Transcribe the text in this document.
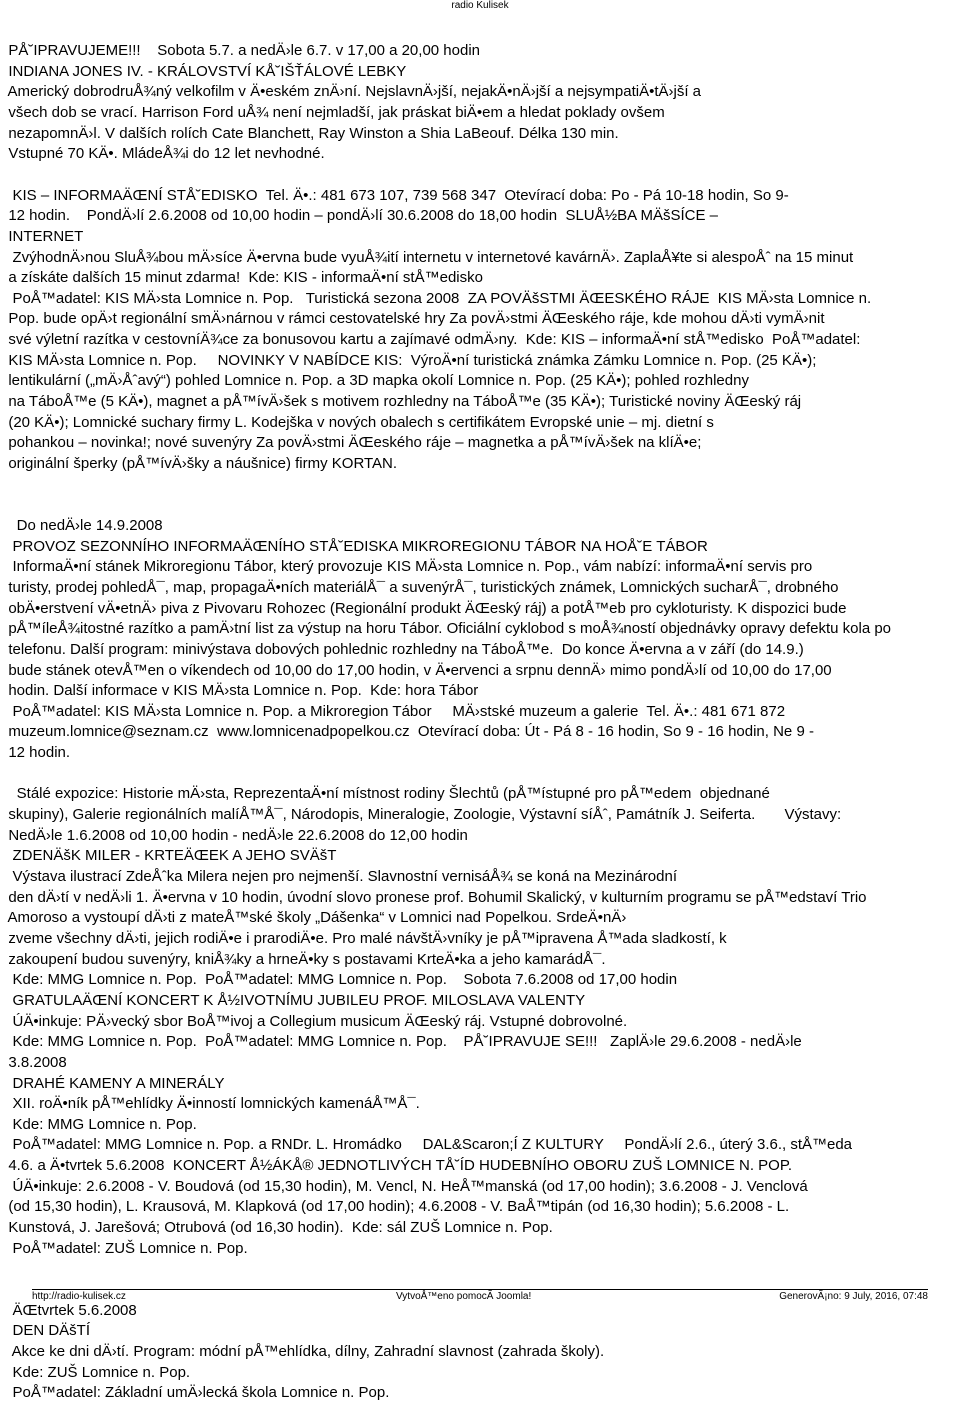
radio Kulisek
PÅ˘IPRAVUJEME!!!    Sobota 5.7. a nedÄ›le 6.7. v 17,00 a 20,00 hodin
INDIANA JONES IV. - KRÁLOVSTVÍ KÅ˘IŠŤÁLOVÉ LEBKY
Americký dobrodruÅ¾ný velkofilm v Ä•eském znÄ›ní. NejslavnÄ›jší, nejakÄ•nÄ›jší a nejsympatiÄ•tÄ›jší a
všech dob se vrací. Harrison Ford uÅ¾ není nejmladší, jak práskat biÄ•em a hledat poklady ovšem
nezapomnÄ›l. V dalších rolích Cate Blanchett, Ray Winston a Shia LaBeouf. Délka 130 min.
Vstupné 70 KÄ•. MládeÅ¾i do 12 let nevhodné.
KIS – INFORMAÄŒNÍ STÅ˘EDISKO  Tel. Ä•.: 481 673 107, 739 568 347  Otevírací doba: Po - Pá 10-18 hodin, So 9-
12 hodin.    PondÄ›lí 2.6.2008 od 10,00 hodin – pondÄ›lí 30.6.2008 do 18,00 hodin  SLUÅ½BA MÄšSÍCE –
INTERNET
ZvýhodnÄ›nou SluÅ¾bou mÄ›síce Ä•ervna bude vyuÅ¾ití internetu v internetové kavárnÄ›. ZaplaÅ¥te si alespoÅˆ na 15 minut
a získáte dalších 15 minut zdarma!  Kde: KIS - informaÄ•ní stÅ™edisko
PoÅ™adatel: KIS MÄ›sta Lomnice n. Pop.   Turistická sezona 2008  ZA POVÄšSTMI ÄŒESKÉHO RÁJE  KIS MÄ›sta Lomnice n.
Pop. bude opÄ›t regionální smÄ›nárnou v rámci cestovatelské hry Za povÄ›stmi ÄŒeského ráje, kde mohou dÄ›ti vymÄ›nit
své výletní razítka v cestovníÄ¾ce za bonusovou kartu a zajímavé odmÄ›ny.  Kde: KIS – informaÄ•ní stÅ™edisko  PoÅ™adatel:
KIS MÄ›sta Lomnice n. Pop.     NOVINKY V NABÍDCE KIS:  VýroÄ•ní turistická známka Zámku Lomnice n. Pop. (25 KÄ•);
lentikulární („mÄ›Åˆavý“) pohled Lomnice n. Pop. a 3D mapka okolí Lomnice n. Pop. (25 KÄ•); pohled rozhledny
na TáboÅ™e (5 KÄ•), magnet a pÅ™ívÄ›šek s motivem rozhledny na TáboÅ™e (35 KÄ•); Turistické noviny ÄŒeský ráj
(20 KÄ•); Lomnické suchary firmy L. Kodejška v nových obalech s certifikátem Evropské unie – mj. dietní s
pohankou – novinka!; nové suvenýry Za povÄ›stmi ÄŒeského ráje – magnetka a pÅ™ívÄ›šek na klíÄ•e;
originální šperky (pÅ™ívÄ›šky a náušnice) firmy KORTAN.
Do nedÄ›le 14.9.2008
PROVOZ SEZONNÍHO INFORMAÄŒNÍHO STÅ˘EDISKA MIKROREGIONU TÁBOR NA HOÅ˘E TÁBOR
InformaÄ•ní stánek Mikroregionu Tábor, který provozuje KIS MÄ›sta Lomnice n. Pop., vám nabízí: informaÄ•ní servis pro
turisty, prodej pohledÅ¯, map, propagaÄ•ních materiálÅ¯ a suvenýrÅ¯, turistických známek, Lomnických sucharÅ¯, drobného
obÄ•erstvení vÄ•etnÄ› piva z Pivovaru Rohozec (Regionální produkt ÄŒeský ráj) a potÅ™eb pro cykloturisty. K dispozici bude
pÅ™íleÅ¾itostné razítko a pamÄ›tní list za výstup na horu Tábor. Oficiální cyklobod s moÅ¾ností objednávky opravy defektu kola po
telefonu. Další program: minivýstava dobových pohlednic rozhledny na TáboÅ™e.  Do konce Ä•ervna a v září (do 14.9.)
bude stánek otevÅ™en o víkendech od 10,00 do 17,00 hodin, v Ä•ervenci a srpnu dennÄ› mimo pondÄ›lí od 10,00 do 17,00
hodin. Další informace v KIS MÄ›sta Lomnice n. Pop.  Kde: hora Tábor
PoÅ™adatel: KIS MÄ›sta Lomnice n. Pop. a Mikroregion Tábor     MÄ›stské muzeum a galerie  Tel. Ä•.: 481 671 872
muzeum.lomnice@seznam.cz  www.lomnicenadpopelkou.cz  Otevírací doba: Út - Pá 8 - 16 hodin, So 9 - 16 hodin, Ne 9 -
12 hodin.
Stálé expozice: Historie mÄ›sta, ReprezentaÄ•ní místnost rodiny Šlechtů (pÅ™ístupné pro pÅ™edem  objednané
skupiny), Galerie regionálních malíÅ™Å¯, Národopis, Mineralogie, Zoologie, Výstavní síÅˆ, Památník J. Seiferta.       Výstavy:
NedÄ›le 1.6.2008 od 10,00 hodin - nedÄ›le 22.6.2008 do 12,00 hodin
ZDENÄšK MILER - KRTEÄŒEK A JEHO SVÄšT
Výstava ilustrací ZdeÅˆka Milera nejen pro nejmenší. Slavnostní vernisáÅ¾ se koná na Mezinárodní
den dÄ›tí v nedÄ›li 1. Ä•ervna v 10 hodin, úvodní slovo pronese prof. Bohumil Skalický, v kulturním programu se pÅ™edstaví Trio
Amoroso a vystoupí dÄ›ti z mateÅ™ské školy „Dášenka“ v Lomnici nad Popelkou. SrdeÄ•nÄ›
zveme všechny dÄ›ti, jejich rodiÄ•e i prarodiÄ•e. Pro malé návštÄ›vníky je pÅ™ipravena Å™ada sladkostí, k
zakoupení budou suvenýry, kniÅ¾ky a hrneÄ•ky s postavami KrteÄ•ka a jeho kamarádÅ¯.
Kde: MMG Lomnice n. Pop.  PoÅ™adatel: MMG Lomnice n. Pop.    Sobota 7.6.2008 od 17,00 hodin
GRATULAÄŒNÍ KONCERT K Å½IVOTNÍMU JUBILEU PROF. MILOSLAVA VALENTY
ÚÄ•inkuje: PÄ›vecký sbor BoÅ™ivoj a Collegium musicum ÄŒeský ráj. Vstupné dobrovolné.
Kde: MMG Lomnice n. Pop.  PoÅ™adatel: MMG Lomnice n. Pop.    PÅ˘IPRAVUJE SE!!!   ZaplÄ›le 29.6.2008 - nedÄ›le
3.8.2008
DRAHÉ KAMENY A MINERÁLY
XII. roÄ•ník pÅ™ehlídky Ä•inností lomnických kamenáÅ™Å¯.
Kde: MMG Lomnice n. Pop.
PoÅ™adatel: MMG Lomnice n. Pop. a RNDr. L. Hromádko     DAL&Scaron;Í Z KULTURY     PondÄ›lí 2.6., úterý 3.6., stÅ™eda
4.6. a Ä•tvrtek 5.6.2008  KONCERT Å½ÁKÅ® JEDNOTLIVÝCH TÅ˘ÍD HUDEBNÍHO OBORU ZUŠ LOMNICE N. POP.
ÚÄ•inkuje: 2.6.2008 - V. Boudová (od 15,30 hodin), M. Vencl, N. HeÅ™manská (od 17,00 hodin); 3.6.2008 - J. Venclová
(od 15,30 hodin), L. Krausová, M. Klapková (od 17,00 hodin); 4.6.2008 - V. BaÅ™tipán (od 16,30 hodin); 5.6.2008 - L.
Kunstová, J. Jarešová; Otrubová (od 16,30 hodin).  Kde: sál ZUŠ Lomnice n. Pop.
PoÅ™adatel: ZUŠ Lomnice n. Pop.
ÄŒtvrtek 5.6.2008
DEN DÄšTÍ
Akce ke dni dÄ›tí. Program: módní pÅ™ehlídka, dílny, Zahradní slavnost (zahrada školy).
Kde: ZUŠ Lomnice n. Pop.
PoÅ™adatel: Základní umÄ›lecká škola Lomnice n. Pop.
http://radio-kulisek.cz	VytvoÅ™eno pomocÃ Joomla!	GenerovÃ¡no: 9 July, 2016, 07:48
